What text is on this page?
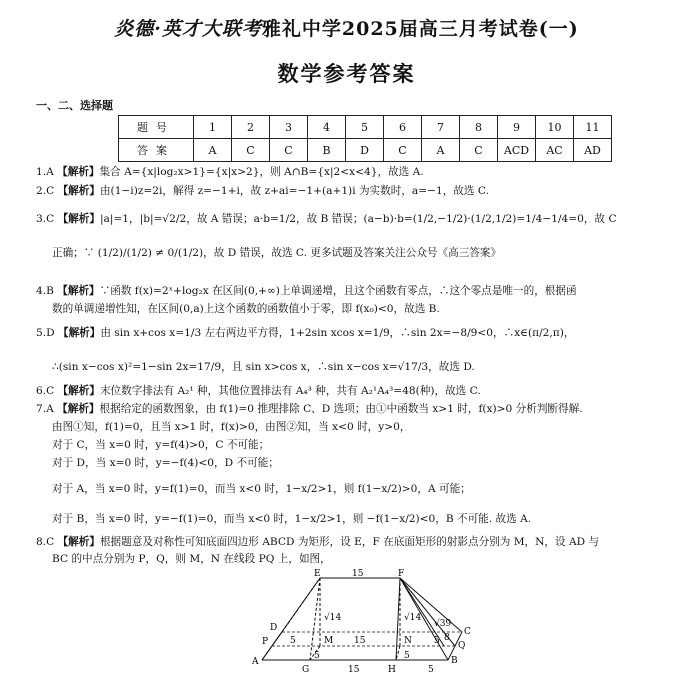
炎德·英才大联考雅礼中学2025届高三月考试卷(一)
数学参考答案
一、二、选择题
题号	1	2	3	4	5	6	7	8	9	10	11
答案	A	C	C	B	D	C	A	C	ACD	AC	AD
1.A 【解析】集合 A={x|log₂x>1}={x|x>2}，则 A∩B={x|2<x<4}，故选 A.
2.C 【解析】由(1−i)z=2i，解得 z=−1+i，故 z+ai=−1+(a+1)i 为实数时，a=−1，故选 C.
3.C 【解析】|a|=1，|b|=√2/2，故 A 错误；a·b=1/2，故 B 错误；(a−b)·b=(1/2,−1/2)·(1/2,1/2)=1/4−1/4=0，故 C
正确；∵ (1/2)/(1/2) ≠ 0/(1/2)，故 D 错误，故选 C. 更多试题及答案关注公众号《高三答案》
4.B 【解析】∵函数 f(x)=2ˣ+log₂x 在区间(0,+∞)上单调递增，且这个函数有零点，∴这个零点是唯一的，根据函
数的单调递增性知，在区间(0,a)上这个函数的函数值小于零，即 f(x₀)<0，故选 B.
5.D 【解析】由 sin x+cos x=1/3 左右两边平方得，1+2sin xcos x=1/9，∴sin 2x=−8/9<0，∴x∈(π/2,π)，
∴(sin x−cos x)²=1−sin 2x=17/9，且 sin x>cos x，∴sin x−cos x=√17/3，故选 D.
6.C 【解析】末位数字排法有 A₂¹ 种，其他位置排法有 A₄³ 种，共有 A₂¹A₄³=48(种)，故选 C.
7.A 【解析】根据给定的函数图象，由 f(1)=0 推理排除 C、D 选项；由①中函数当 x>1 时，f(x)>0 分析判断得解.
由图①知，f(1)=0，且当 x>1 时，f(x)>0，由图②知，当 x<0 时，y>0，
对于 C，当 x=0 时，y=f(4)>0，C 不可能；
对于 D，当 x=0 时，y=−f(4)<0，D 不可能；
对于 A，当 x=0 时，y=f(1)=0，而当 x<0 时，1−x/2>1，则 f(1−x/2)>0，A 可能；
对于 B，当 x=0 时，y=−f(1)=0，而当 x<0 时，1−x/2>1，则 −f(1−x/2)<0，B 不可能. 故选 A.
8.C 【解析】根据题意及对称性可知底面四边形 ABCD 为矩形，设 E，F 在底面矩形的射影点分别为 M，N，设 AD 与
BC 的中点分别为 P，Q，则 M，N 在线段 PQ 上，如图，
E	F
15
√14	√14
√39
D
P	M	N
C
Q
B
A
G	H
5
5	5
5
15
15	5
8
